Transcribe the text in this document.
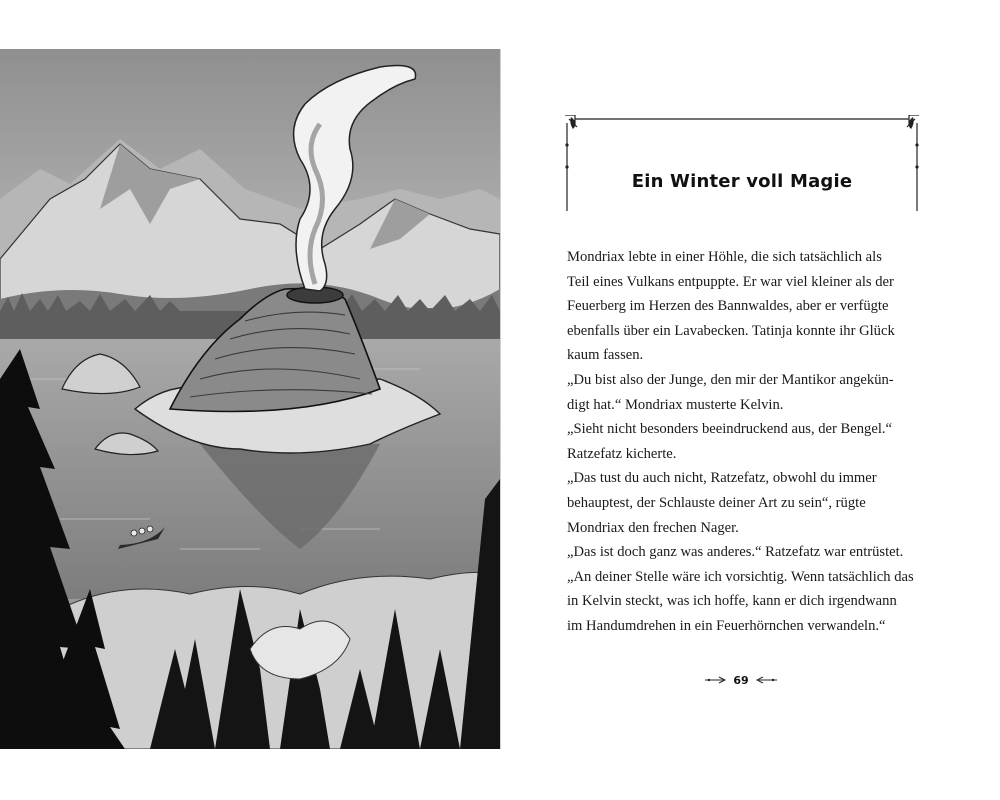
Ein Winter voll Magie

Mondriax lebte in einer Höhle, die sich tatsächlich als

Teil eines Vulkans entpuppte. Er war viel kleiner als der

Feuerberg im Herzen des Bannwaldes, aber er verfügte

ebenfalls über ein Lavabecken. Tatinja konnte ihr Glück

kaum fassen.

„Du bist also der Junge, den mir der Mantikor angekün-

digt hat.“ Mondriax musterte Kelvin.

„Sieht nicht besonders beeindruckend aus, der Bengel.“

Ratzefatz kicherte.

„Das tust du auch nicht, Ratzefatz, obwohl du immer

behauptest, der Schlauste deiner Art zu sein“, rügte

Mondriax den frechen Nager.

„Das ist doch ganz was anderes.“ Ratzefatz war entrüstet.

„An deiner Stelle wäre ich vorsichtig. Wenn tatsächlich das

in Kelvin steckt, was ich hoffe, kann er dich irgendwann

im Handumdrehen in ein Feuerhörnchen verwandeln.“

69
